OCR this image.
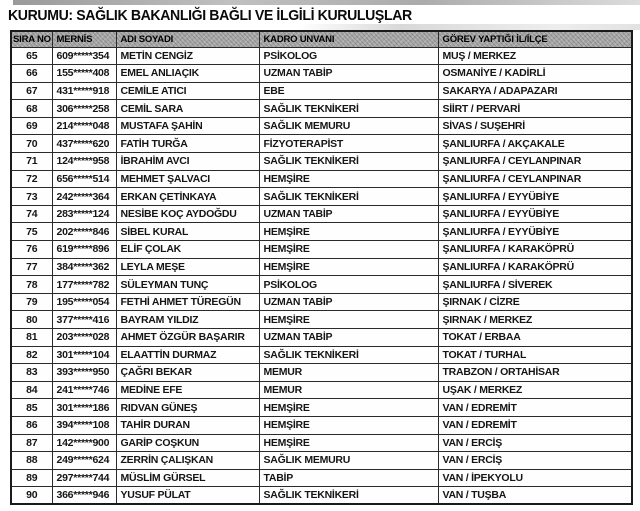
KURUMU: SAĞLIK BAKANLIĞI BAĞLI VE İLGİLİ KURULUŞLAR
SIRA NO	MERNİS	ADI SOYADI	KADRO UNVANI	GÖREV YAPTIĞI İL/İLÇE
65	609*****354	METİN CENGİZ	PSİKOLOG	MUŞ / MERKEZ
66	155*****408	EMEL ANLIAÇIK	UZMAN TABİP	OSMANİYE / KADİRLİ
67	431*****918	CEMİLE ATICI	EBE	SAKARYA / ADAPAZARI
68	306*****258	CEMİL SARA	SAĞLIK TEKNİKERİ	SİİRT / PERVARİ
69	214*****048	MUSTAFA ŞAHİN	SAĞLIK MEMURU	SİVAS / SUŞEHRİ
70	437*****620	FATİH TURĞA	FİZYOTERAPİST	ŞANLIURFA / AKÇAKALE
71	124*****958	İBRAHİM AVCI	SAĞLIK TEKNİKERİ	ŞANLIURFA / CEYLANPINAR
72	656*****514	MEHMET ŞALVACI	HEMŞİRE	ŞANLIURFA / CEYLANPINAR
73	242*****364	ERKAN ÇETİNKAYA	SAĞLIK TEKNİKERİ	ŞANLIURFA / EYYÜBİYE
74	283*****124	NESİBE KOÇ AYDOĞDU	UZMAN TABİP	ŞANLIURFA / EYYÜBİYE
75	202*****846	SİBEL KURAL	HEMŞİRE	ŞANLIURFA / EYYÜBİYE
76	619*****896	ELİF ÇOLAK	HEMŞİRE	ŞANLIURFA / KARAKÖPRÜ
77	384*****362	LEYLA MEŞE	HEMŞİRE	ŞANLIURFA / KARAKÖPRÜ
78	177*****782	SÜLEYMAN TUNÇ	PSİKOLOG	ŞANLIURFA / SİVEREK
79	195*****054	FETHİ AHMET TÜREGÜN	UZMAN TABİP	ŞIRNAK / CİZRE
80	377*****416	BAYRAM YILDIZ	HEMŞİRE	ŞIRNAK / MERKEZ
81	203*****028	AHMET ÖZGÜR BAŞARIR	UZMAN TABİP	TOKAT / ERBAA
82	301*****104	ELAATTİN DURMAZ	SAĞLIK TEKNİKERİ	TOKAT / TURHAL
83	393*****950	ÇAĞRI BEKAR	MEMUR	TRABZON / ORTAHİSAR
84	241*****746	MEDİNE EFE	MEMUR	UŞAK / MERKEZ
85	301*****186	RIDVAN GÜNEŞ	HEMŞİRE	VAN / EDREMİT
86	394*****108	TAHİR DURAN	HEMŞİRE	VAN / EDREMİT
87	142*****900	GARİP COŞKUN	HEMŞİRE	VAN / ERCİŞ
88	249*****624	ZERRİN ÇALIŞKAN	SAĞLIK MEMURU	VAN / ERCİŞ
89	297*****744	MÜSLİM GÜRSEL	TABİP	VAN / İPEKYOLU
90	366*****946	YUSUF PÜLAT	SAĞLIK TEKNİKERİ	VAN / TUŞBA
